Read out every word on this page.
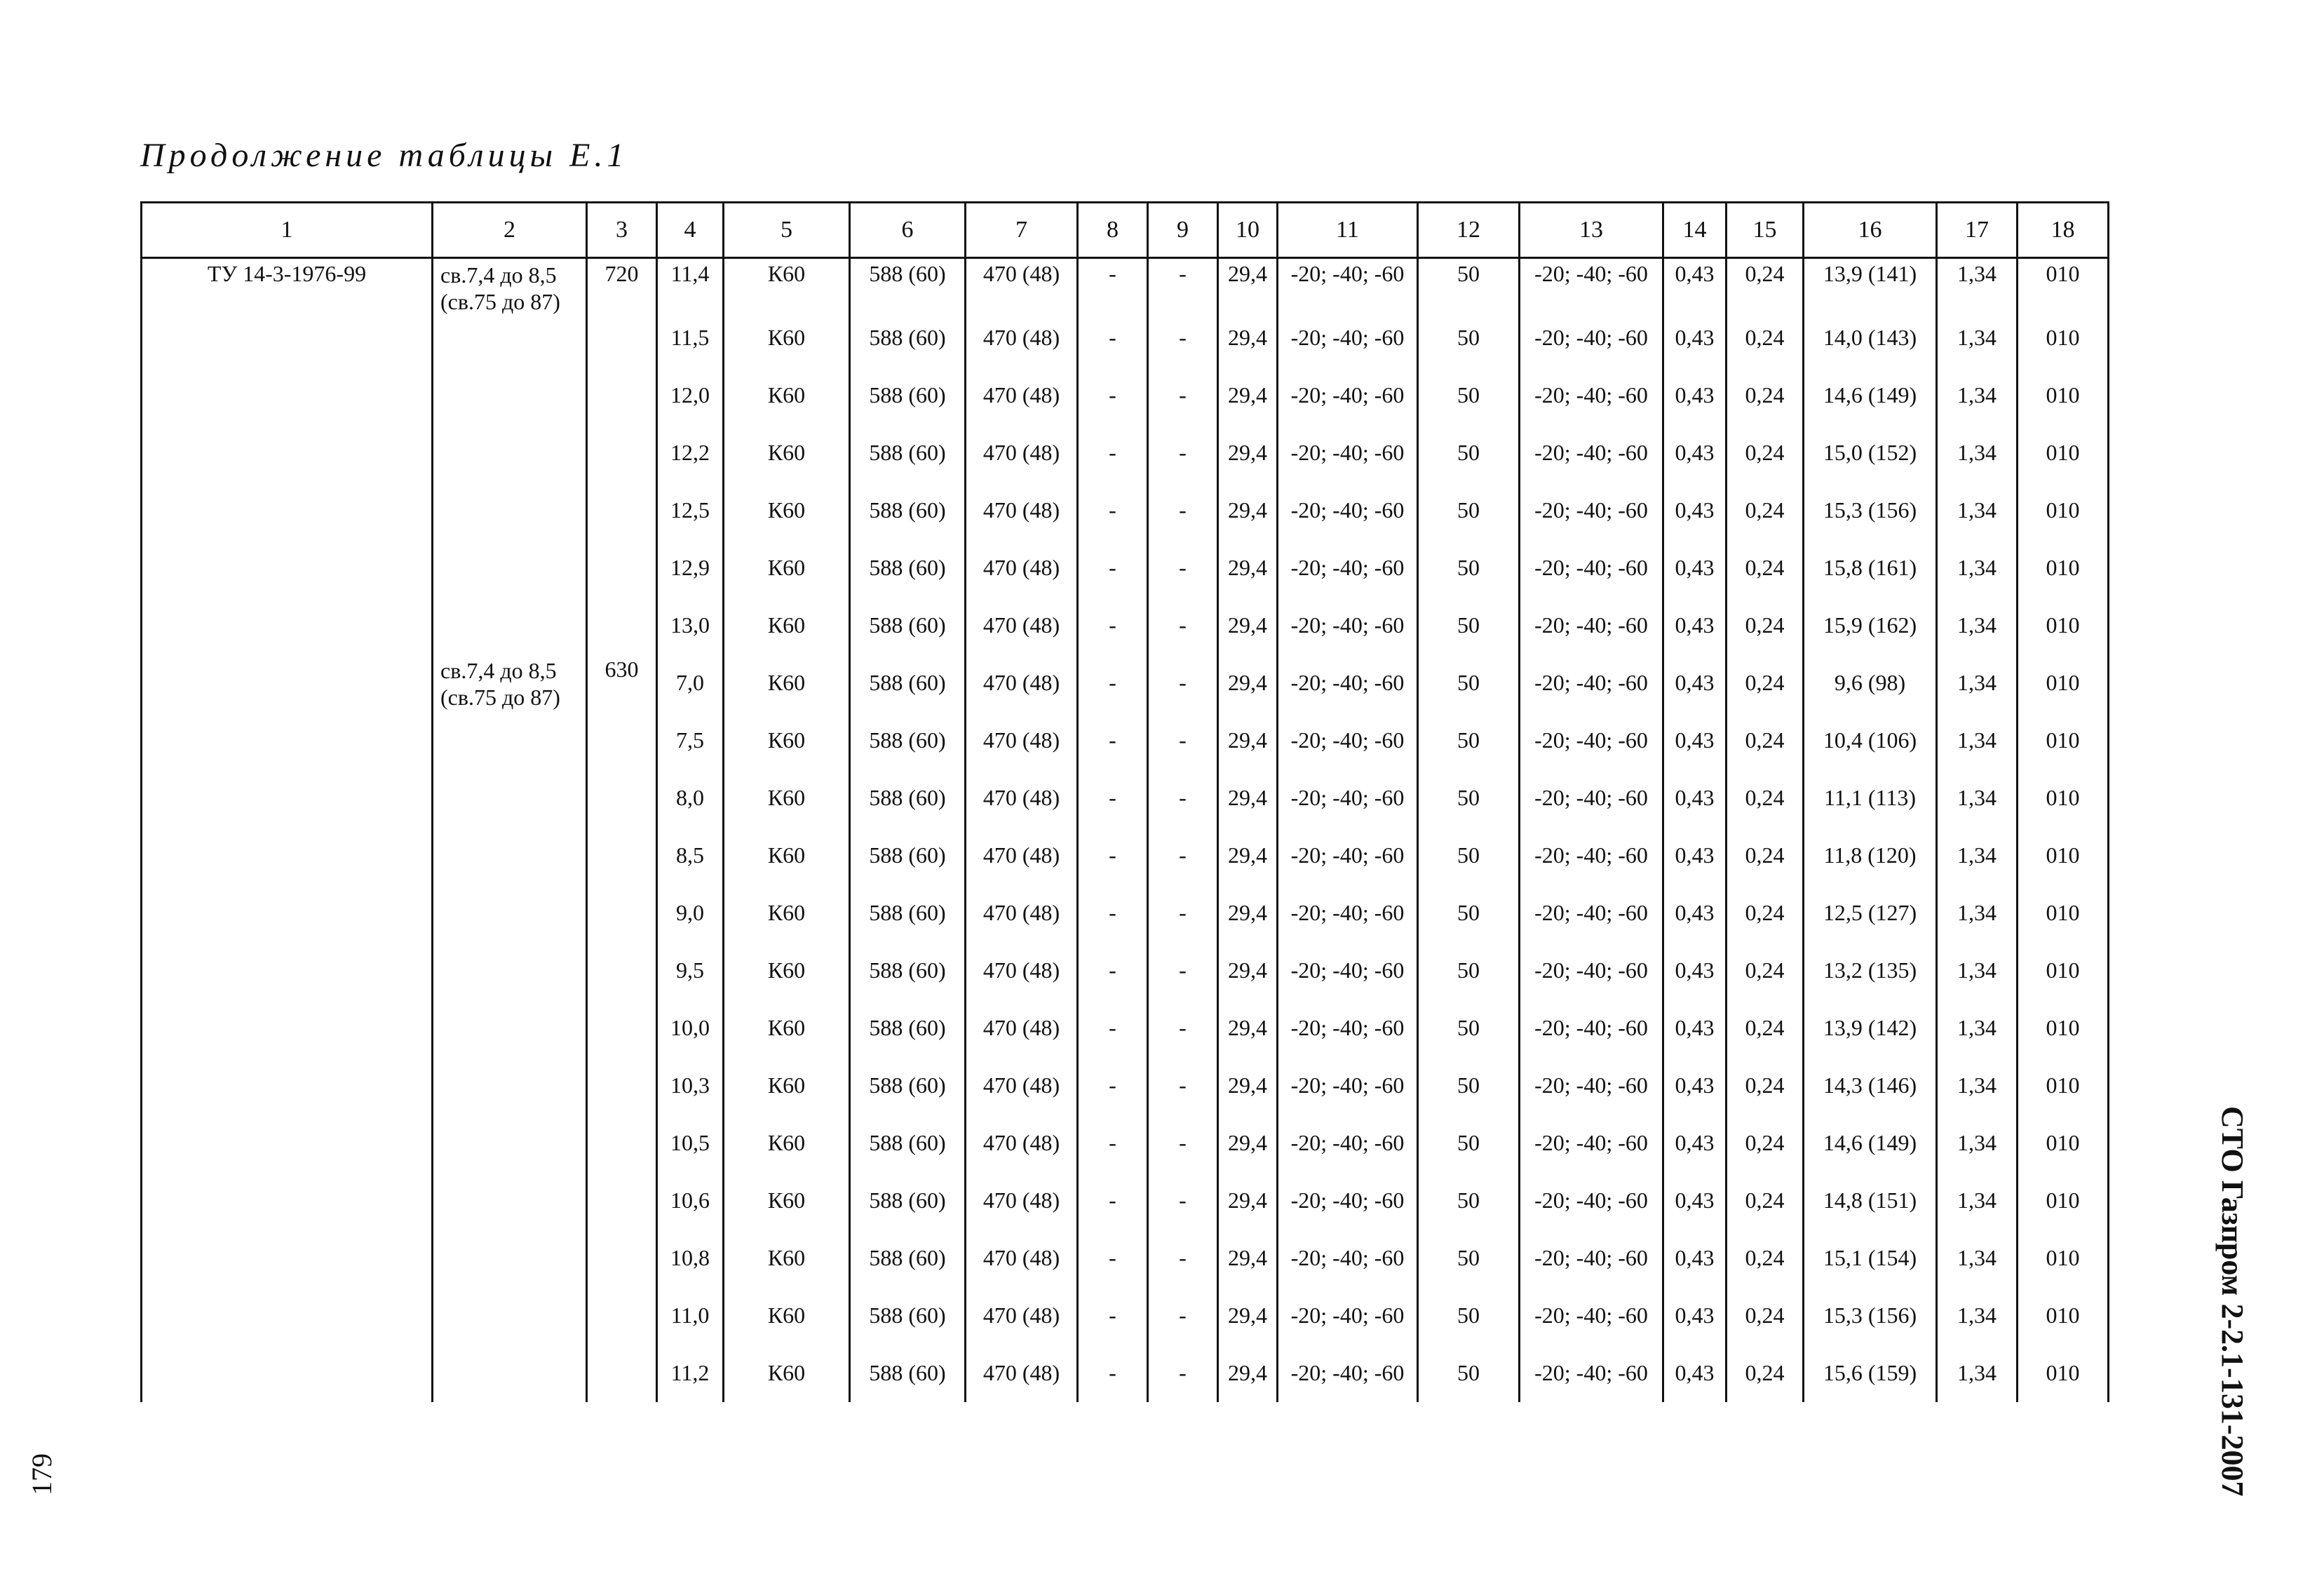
Продолжение таблицы Е.1
1	2	3	4	5	6	7	8	9	10	11	12	13	14	15	16	17	18
ТУ 14-3-1976-99	св.7,4 до 8,5 (св.75 до 87)	720	11,4	К60	588 (60)	470 (48)	-	-	29,4	-20; -40; -60	50	-20; -40; -60	0,43	0,24	13,9 (141)	1,34	010
			11,5	К60	588 (60)	470 (48)	-	-	29,4	-20; -40; -60	50	-20; -40; -60	0,43	0,24	14,0 (143)	1,34	010
			12,0	К60	588 (60)	470 (48)	-	-	29,4	-20; -40; -60	50	-20; -40; -60	0,43	0,24	14,6 (149)	1,34	010
			12,2	К60	588 (60)	470 (48)	-	-	29,4	-20; -40; -60	50	-20; -40; -60	0,43	0,24	15,0 (152)	1,34	010
			12,5	К60	588 (60)	470 (48)	-	-	29,4	-20; -40; -60	50	-20; -40; -60	0,43	0,24	15,3 (156)	1,34	010
			12,9	К60	588 (60)	470 (48)	-	-	29,4	-20; -40; -60	50	-20; -40; -60	0,43	0,24	15,8 (161)	1,34	010
			13,0	К60	588 (60)	470 (48)	-	-	29,4	-20; -40; -60	50	-20; -40; -60	0,43	0,24	15,9 (162)	1,34	010
	св.7,4 до 8,5 (св.75 до 87)	630	7,0	К60	588 (60)	470 (48)	-	-	29,4	-20; -40; -60	50	-20; -40; -60	0,43	0,24	9,6 (98)	1,34	010
			7,5	К60	588 (60)	470 (48)	-	-	29,4	-20; -40; -60	50	-20; -40; -60	0,43	0,24	10,4 (106)	1,34	010
			8,0	К60	588 (60)	470 (48)	-	-	29,4	-20; -40; -60	50	-20; -40; -60	0,43	0,24	11,1 (113)	1,34	010
			8,5	К60	588 (60)	470 (48)	-	-	29,4	-20; -40; -60	50	-20; -40; -60	0,43	0,24	11,8 (120)	1,34	010
			9,0	К60	588 (60)	470 (48)	-	-	29,4	-20; -40; -60	50	-20; -40; -60	0,43	0,24	12,5 (127)	1,34	010
			9,5	К60	588 (60)	470 (48)	-	-	29,4	-20; -40; -60	50	-20; -40; -60	0,43	0,24	13,2 (135)	1,34	010
			10,0	К60	588 (60)	470 (48)	-	-	29,4	-20; -40; -60	50	-20; -40; -60	0,43	0,24	13,9 (142)	1,34	010
			10,3	К60	588 (60)	470 (48)	-	-	29,4	-20; -40; -60	50	-20; -40; -60	0,43	0,24	14,3 (146)	1,34	010
			10,5	К60	588 (60)	470 (48)	-	-	29,4	-20; -40; -60	50	-20; -40; -60	0,43	0,24	14,6 (149)	1,34	010
			10,6	К60	588 (60)	470 (48)	-	-	29,4	-20; -40; -60	50	-20; -40; -60	0,43	0,24	14,8 (151)	1,34	010
			10,8	К60	588 (60)	470 (48)	-	-	29,4	-20; -40; -60	50	-20; -40; -60	0,43	0,24	15,1 (154)	1,34	010
			11,0	К60	588 (60)	470 (48)	-	-	29,4	-20; -40; -60	50	-20; -40; -60	0,43	0,24	15,3 (156)	1,34	010
			11,2	К60	588 (60)	470 (48)	-	-	29,4	-20; -40; -60	50	-20; -40; -60	0,43	0,24	15,6 (159)	1,34	010	СТО Газпром 2-2.1-131-2007
179
